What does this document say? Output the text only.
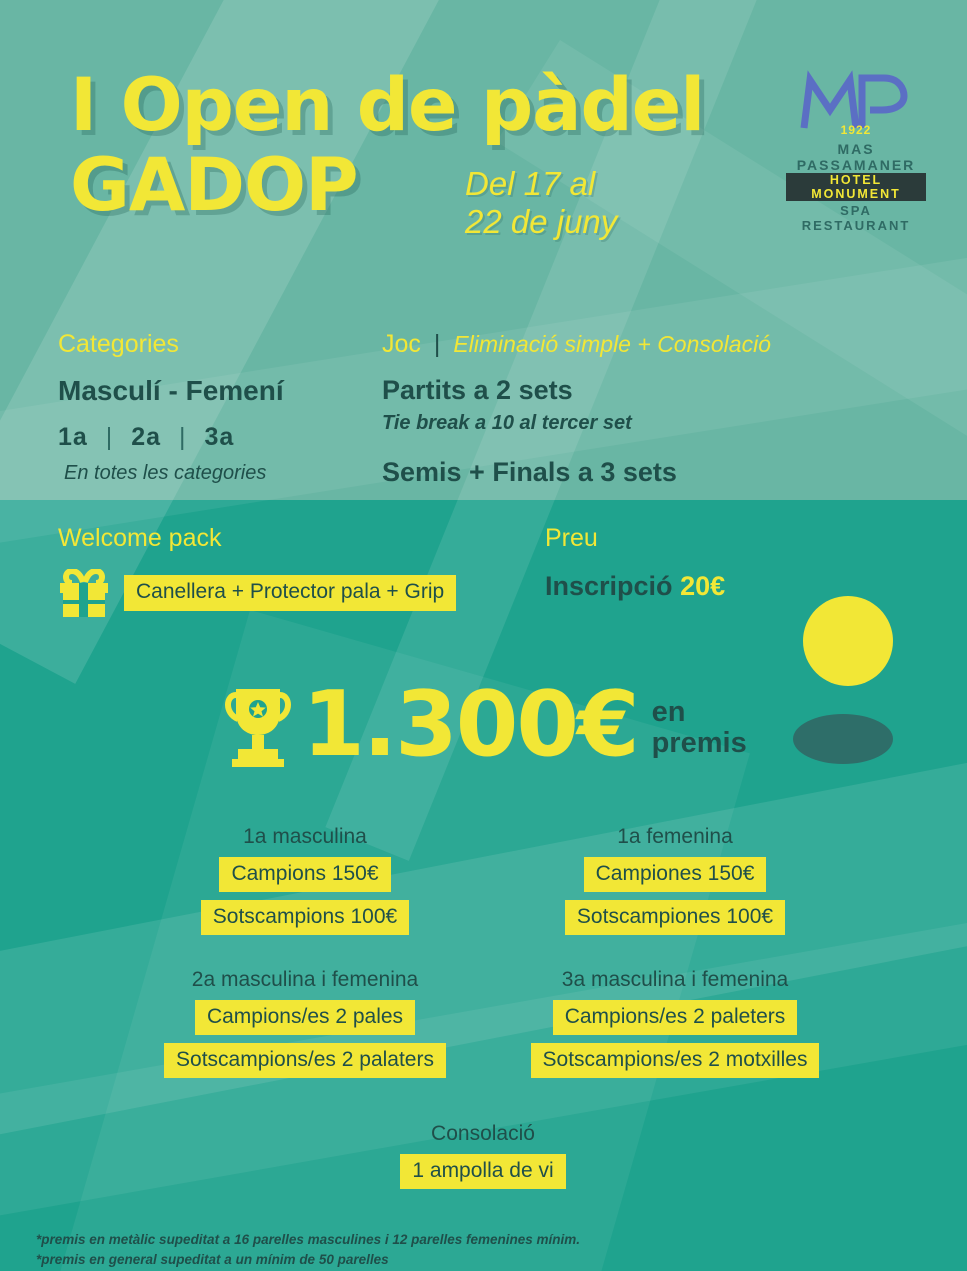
I Open de pàdel
GADOP	Del 17 al
22 de juny
1922
MAS PASSAMANER
HOTEL MONUMENT
SPA RESTAURANT
Categories
Masculí - Femení
1a | 2a | 3a
En totes les categories
Joc | Eliminació simple + Consolació
Partits a 2 sets
Tie break a 10 al tercer set
Semis + Finals a 3 sets
Welcome pack
Canellera + Protector pala + Grip
Preu
Inscripció 20€
1.300€ en
premis
1a masculina
Campions 150€
Sotscampions 100€
1a femenina
Campiones 150€
Sotscampiones 100€
2a masculina i femenina
Campions/es 2 pales
Sotscampions/es 2 palaters
3a masculina i femenina
Campions/es 2 paleters
Sotscampions/es 2 motxilles
Consolació
1 ampolla de vi
*premis en metàlic supeditat a 16 parelles masculines i 12 parelles femenines mínim.
*premis en general supeditat a un mínim de 50 parelles
